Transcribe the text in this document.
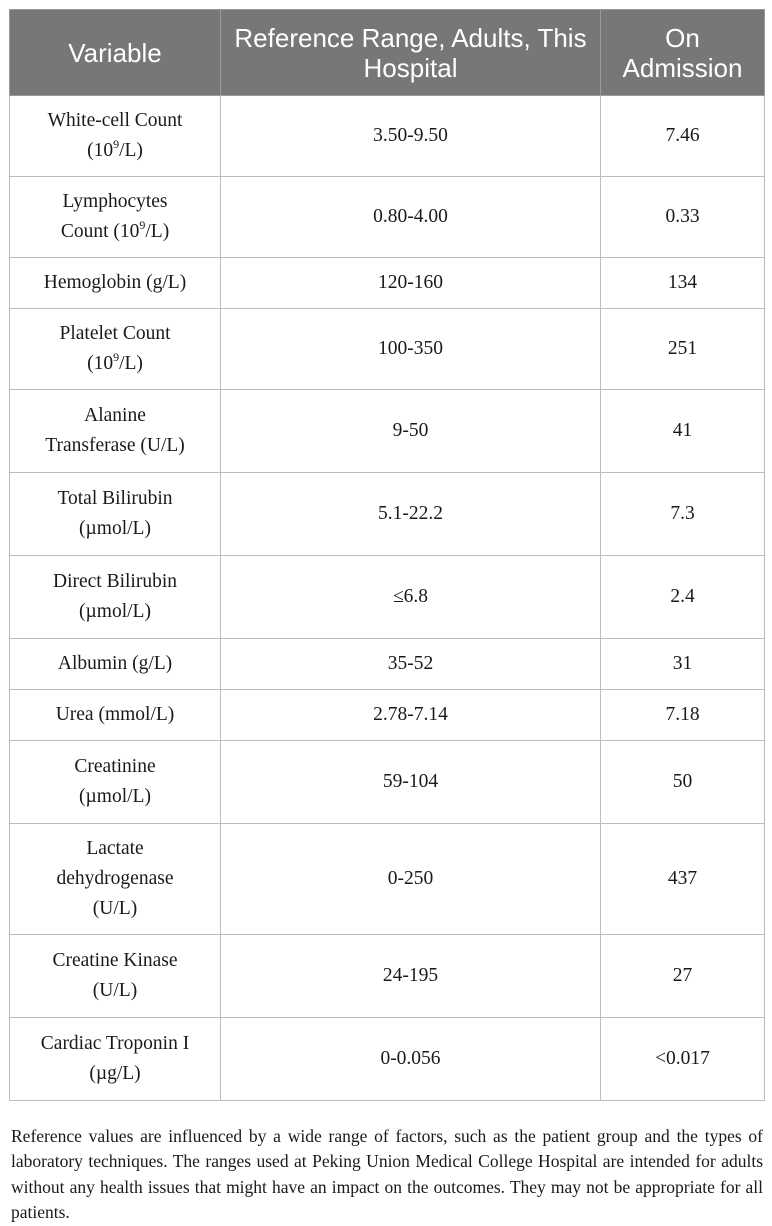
Variable	Reference Range, Adults, This Hospital	On Admission
White-cell Count
$(10^9/L)$	3.50-9.50	7.46
Lymphocytes
Count $(10^9/L)$	0.80-4.00	0.33
Hemoglobin (g/L)	120-160	134
Platelet Count
$(10^9/L)$	100-350	251
Alanine
Transferase (U/L)	9-50	41
Total Bilirubin
(µmol/L)	5.1-22.2	7.3
Direct Bilirubin
(µmol/L)	≤6.8	2.4
Albumin (g/L)	35-52	31
Urea (mmol/L)	2.78-7.14	7.18
Creatinine
(µmol/L)	59-104	50
Lactate
dehydrogenase
(U/L)	0-250	437
Creatine Kinase
(U/L)	24-195	27
Cardiac Troponin I
(µg/L)	0-0.056	<0.017

Reference values are influenced by a wide range of factors, such as the patient group and the types of laboratory techniques. The ranges used at Peking Union Medical College Hospital are intended for adults without any health issues that might have an impact on the outcomes. They may not be appropriate for all patients.
